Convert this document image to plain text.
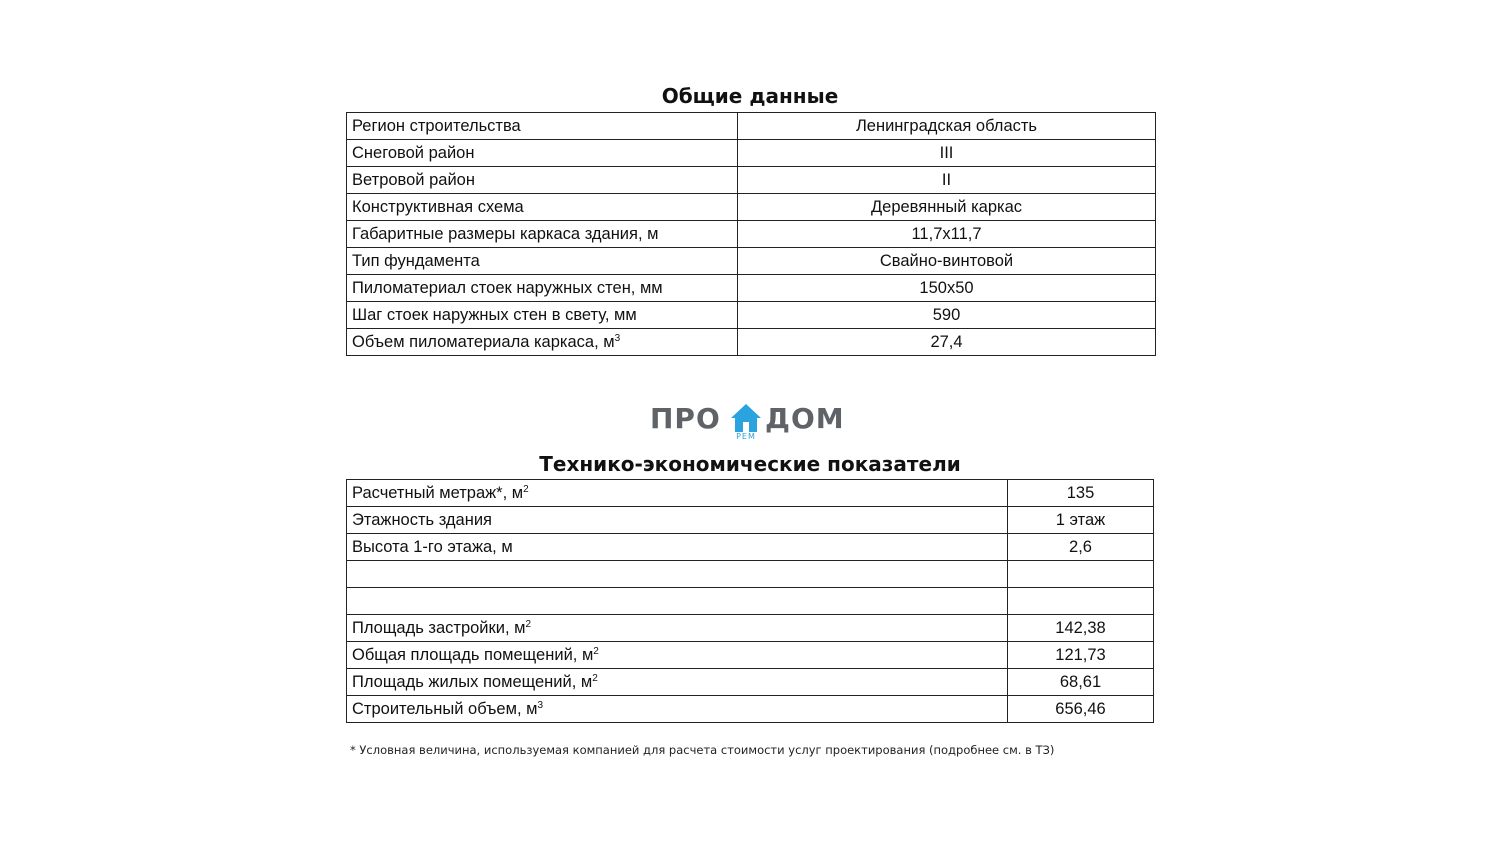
Общие данные
Регион строительства	Ленинградская область
Снеговой район	III
Ветровой район	II
Конструктивная схема	Деревянный каркас
Габаритные размеры каркаса здания, м	11,7x11,7
Тип фундамента	Свайно-винтовой
Пиломатериал стоек наружных стен, мм	150x50
Шаг стоек наружных стен в свету, мм	590
Объем пиломатериала каркаса, $м^3$	27,4
ПРО
РЕМ
ДОМ
Технико-экономические показатели
Расчетный метраж*, $м^2$	135
Этажность здания	1 этаж
Высота 1-го этажа, м	2,6

Площадь застройки, $м^2$	142,38
Общая площадь помещений, $м^2$	121,73
Площадь жилых помещений, $м^2$	68,61
Строительный объем, $м^3$	656,46
* Условная величина, используемая компанией для расчета стоимости услуг проектирования (подробнее см. в ТЗ)
